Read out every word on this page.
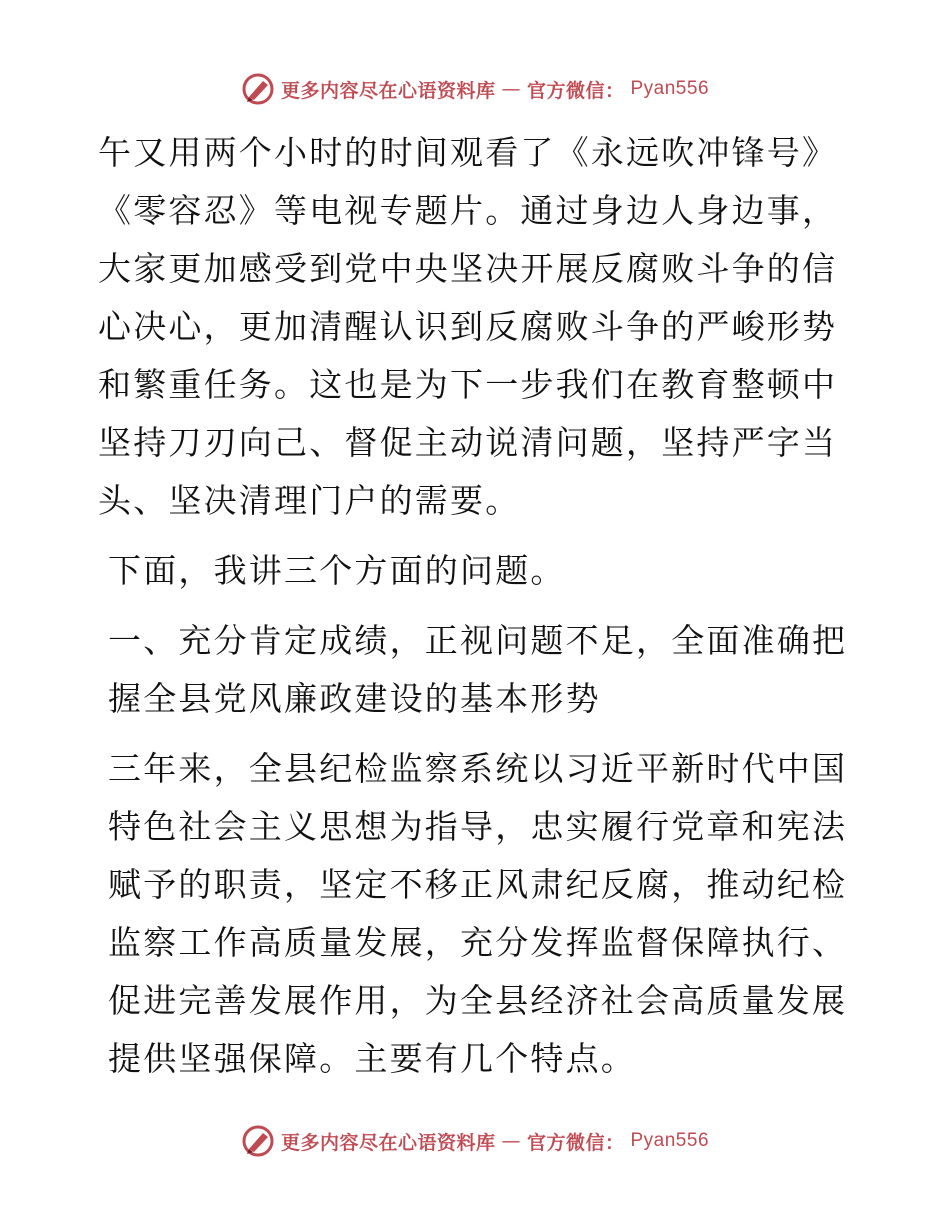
更多内容尽在心语资料库 — 官方微信： Pyan556

午又用两个小时的时间观看了《永远吹冲锋号》《零容忍》等电视专题片。通过身边人身边事，大家更加感受到党中央坚决开展反腐败斗争的信心决心，更加清醒认识到反腐败斗争的严峻形势和繁重任务。这也是为下一步我们在教育整顿中坚持刀刃向己、督促主动说清问题，坚持严字当头、坚决清理门户的需要。

下面，我讲三个方面的问题。

一、充分肯定成绩，正视问题不足，全面准确把握全县党风廉政建设的基本形势

三年来，全县纪检监察系统以习近平新时代中国特色社会主义思想为指导，忠实履行党章和宪法赋予的职责，坚定不移正风肃纪反腐，推动纪检监察工作高质量发展，充分发挥监督保障执行、促进完善发展作用，为全县经济社会高质量发展提供坚强保障。主要有几个特点。

更多内容尽在心语资料库 — 官方微信： Pyan556
